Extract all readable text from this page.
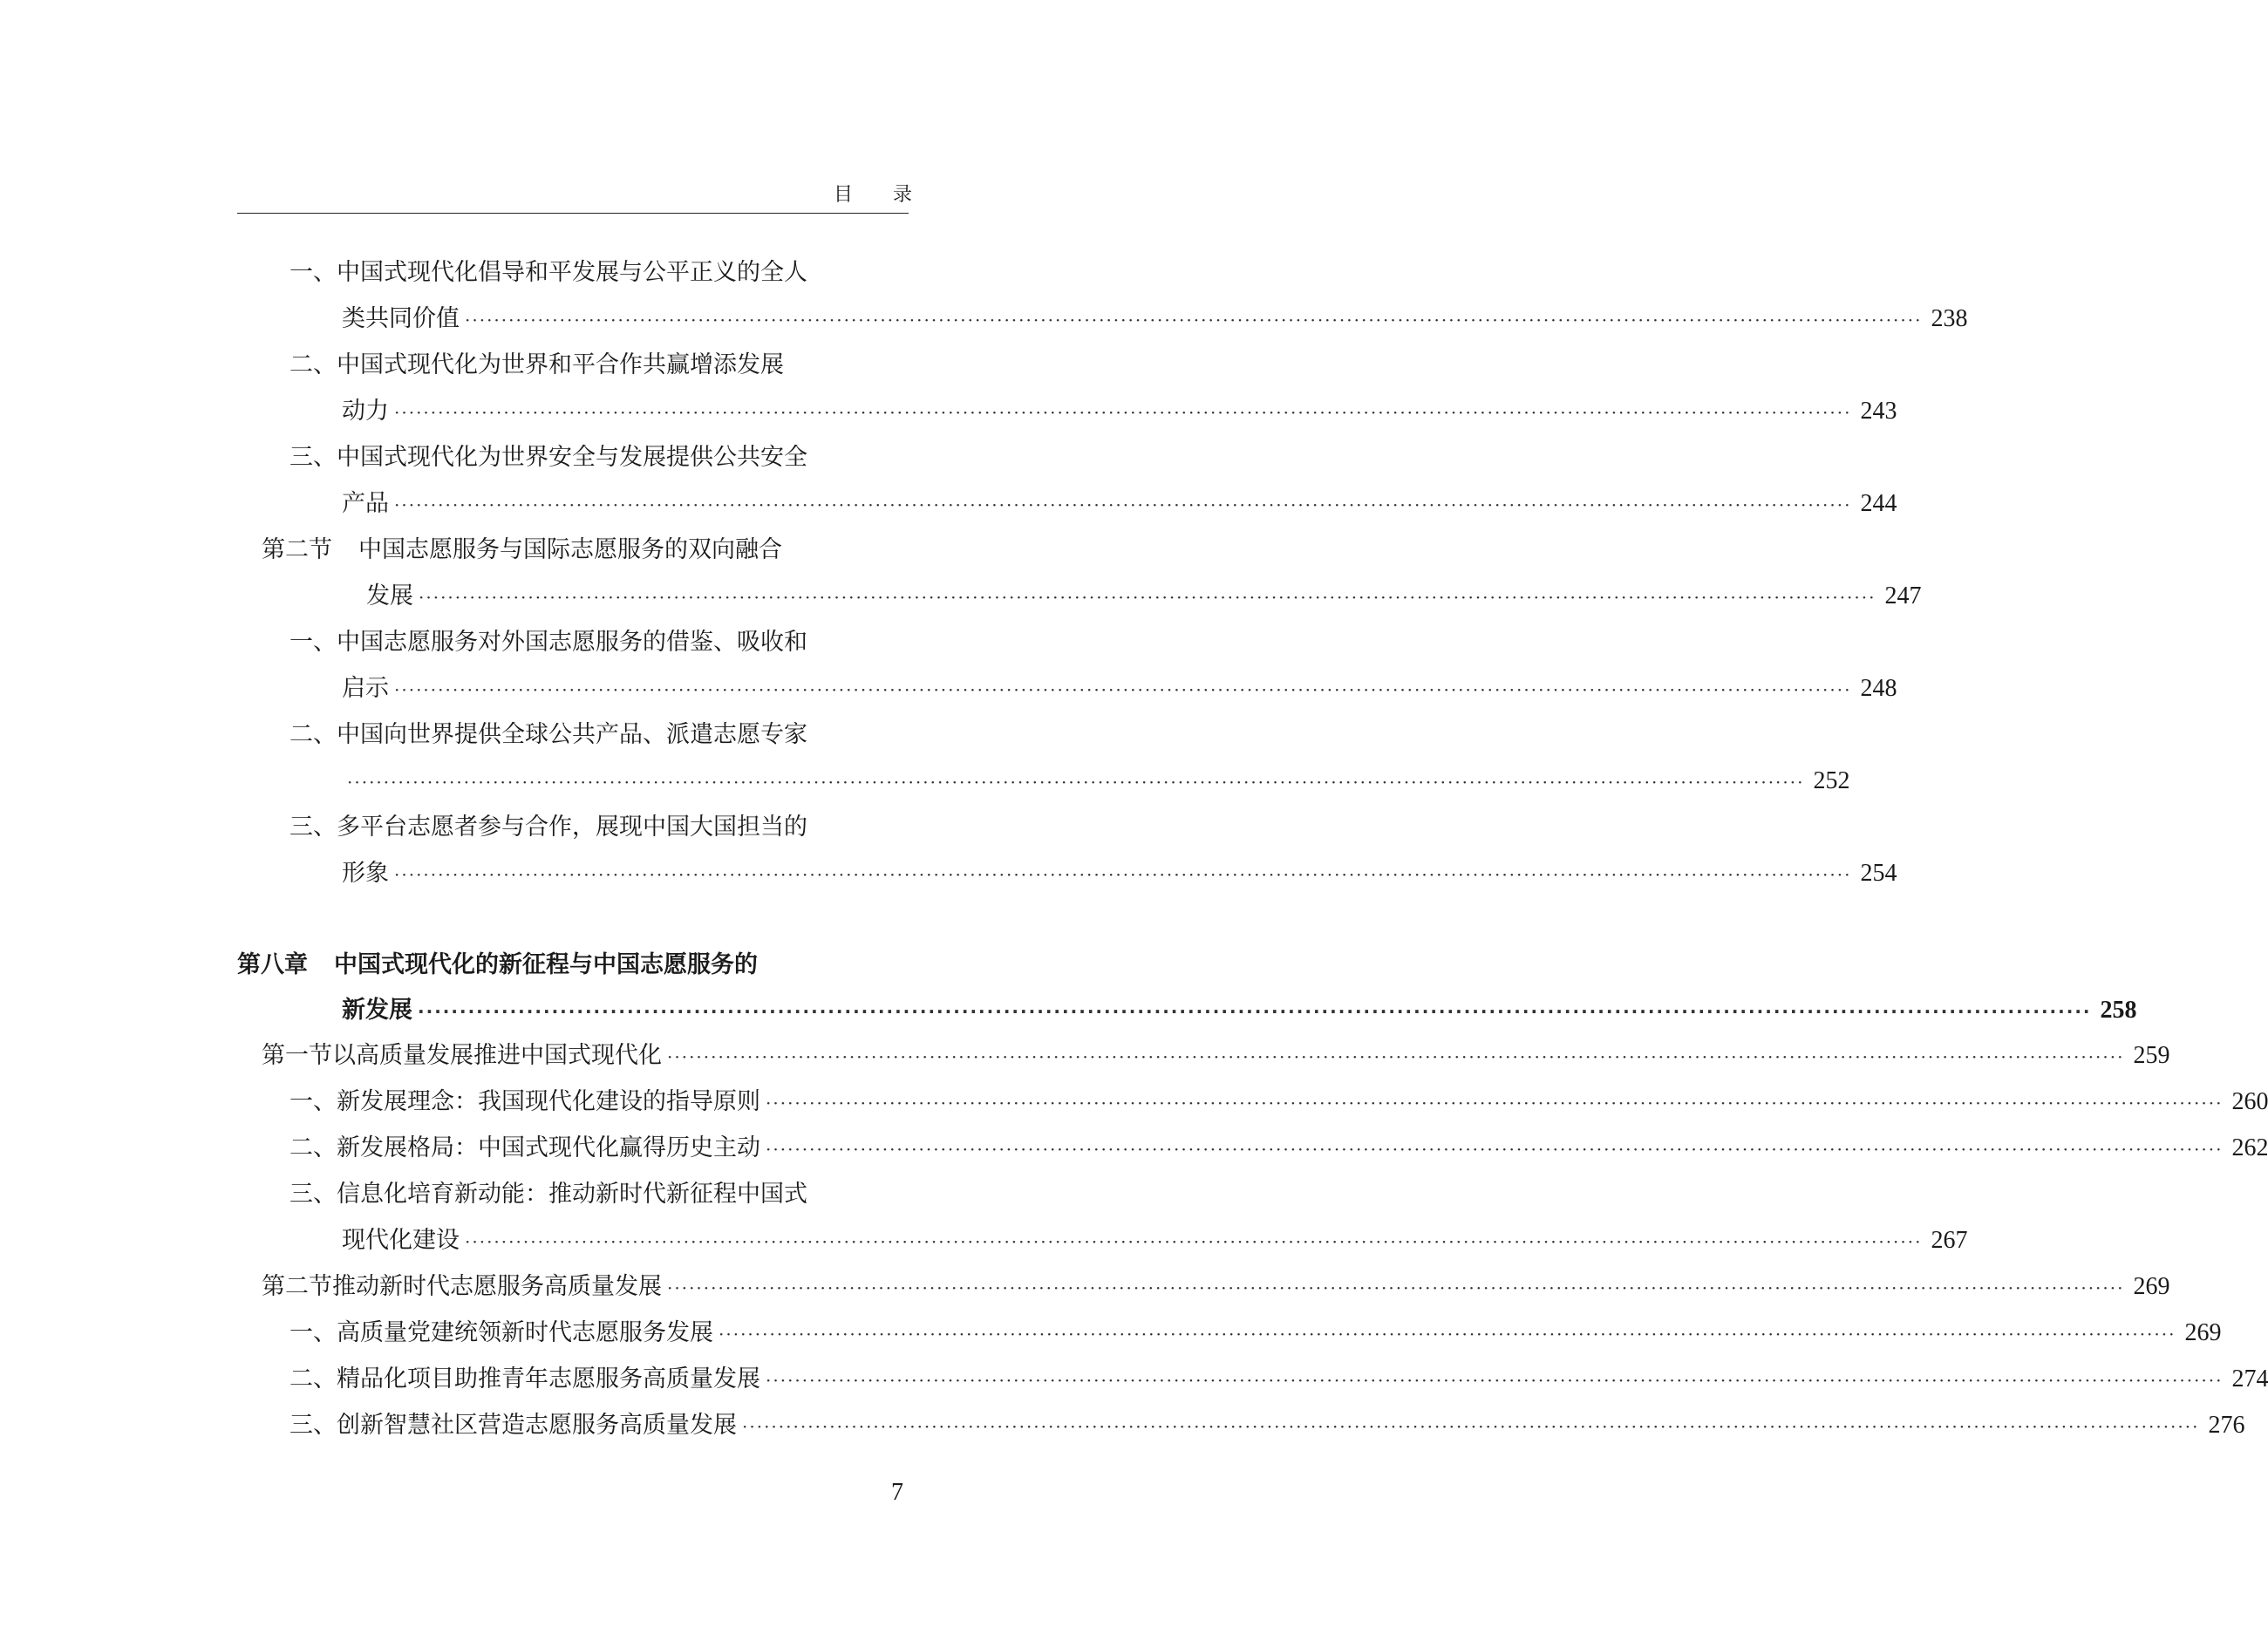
目 录
一、中国式现代化倡导和平发展与公平正义的全人
类共同价值 ········································································································································································································ 238
二、中国式现代化为世界和平合作共赢增添发展
动力 ········································································································································································································ 243
三、中国式现代化为世界安全与发展提供公共安全
产品 ········································································································································································································ 244
第二节 中国志愿服务与国际志愿服务的双向融合
发展 ········································································································································································································ 247
一、中国志愿服务对外国志愿服务的借鉴、吸收和
启示 ········································································································································································································ 248
二、中国向世界提供全球公共产品、派遣志愿专家
········································································································································································································ 252
三、多平台志愿者参与合作，展现中国大国担当的
形象 ········································································································································································································ 254
第八章 中国式现代化的新征程与中国志愿服务的
新发展 ········································································································································································································ 258
第一节 以高质量发展推进中国式现代化 ········································································································································································································ 259
一、新发展理念：我国现代化建设的指导原则 ········································································································································································································ 260
二、新发展格局：中国式现代化赢得历史主动 ········································································································································································································ 262
三、信息化培育新动能：推动新时代新征程中国式
现代化建设 ········································································································································································································ 267
第二节 推动新时代志愿服务高质量发展 ········································································································································································································ 269
一、高质量党建统领新时代志愿服务发展 ········································································································································································································ 269
二、精品化项目助推青年志愿服务高质量发展 ········································································································································································································ 274
三、创新智慧社区营造志愿服务高质量发展 ········································································································································································································ 276
7
